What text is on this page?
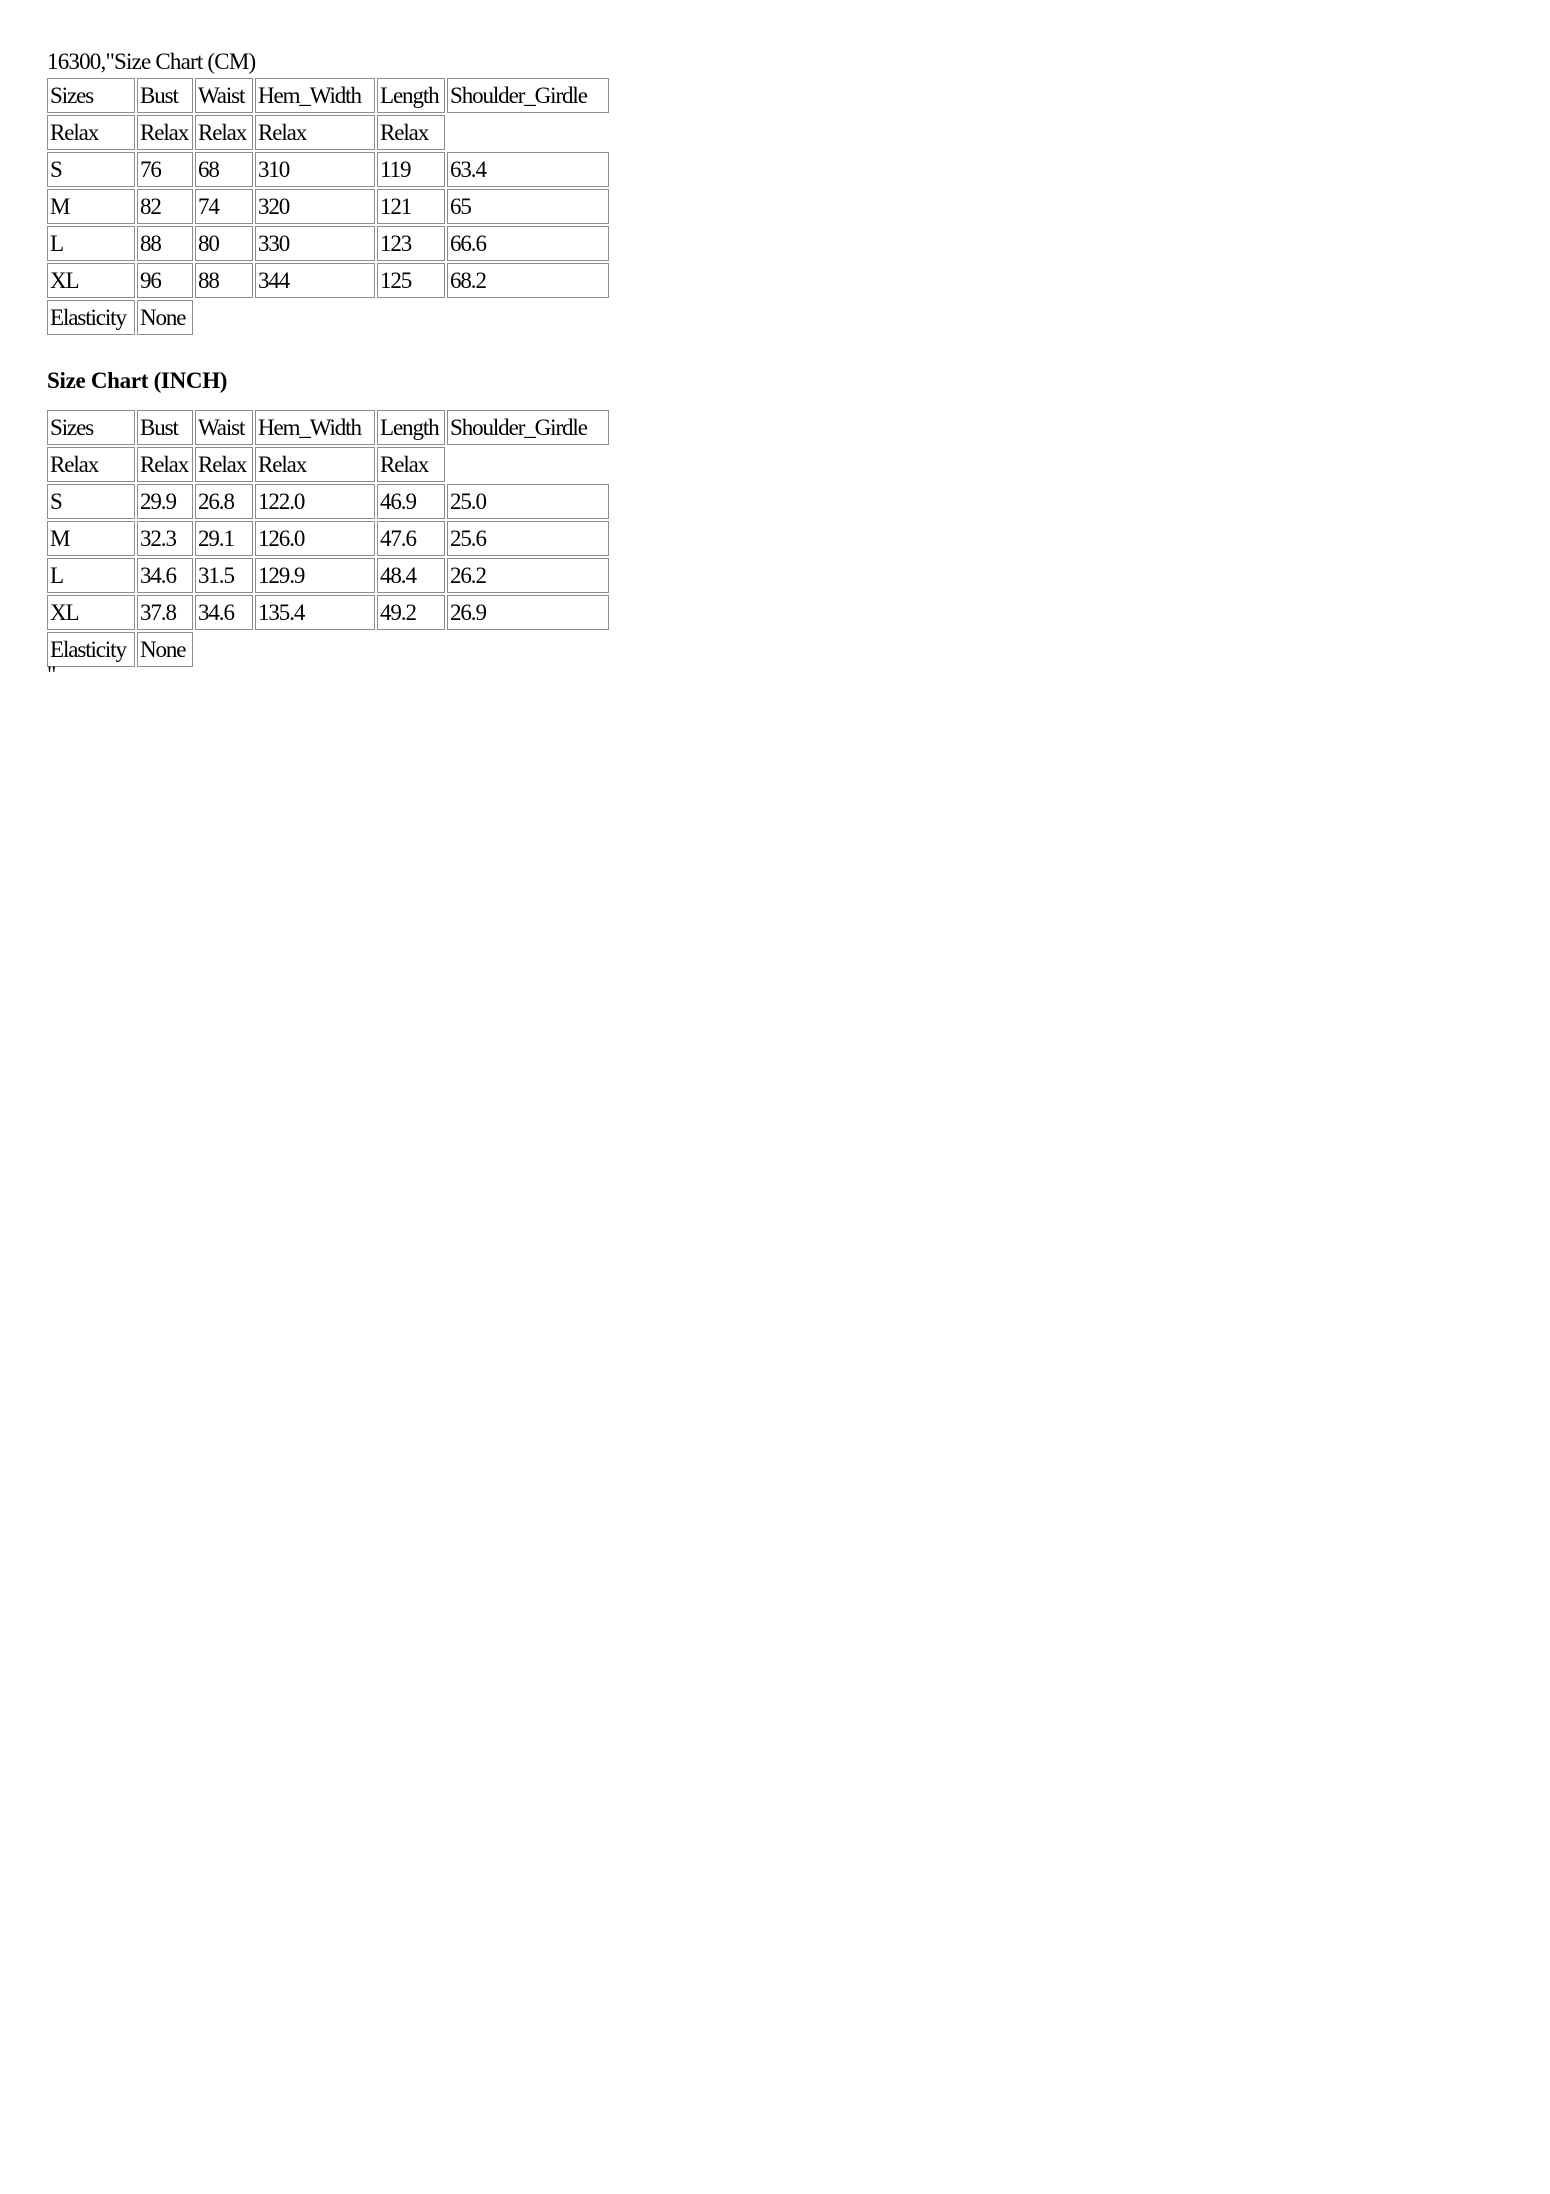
16300,"Size Chart (CM)
Sizes	Bust	Waist	Hem_Width	Length	Shoulder_Girdle
Relax	Relax	Relax	Relax	Relax	
S	76	68	310	119	63.4
M	82	74	320	121	65
L	88	80	330	123	66.6
XL	96	88	344	125	68.2
Elasticity	None				
Size Chart (INCH)
Sizes	Bust	Waist	Hem_Width	Length	Shoulder_Girdle
Relax	Relax	Relax	Relax	Relax	
S	29.9	26.8	122.0	46.9	25.0
M	32.3	29.1	126.0	47.6	25.6
L	34.6	31.5	129.9	48.4	26.2
XL	37.8	34.6	135.4	49.2	26.9
Elasticity	None				
"
